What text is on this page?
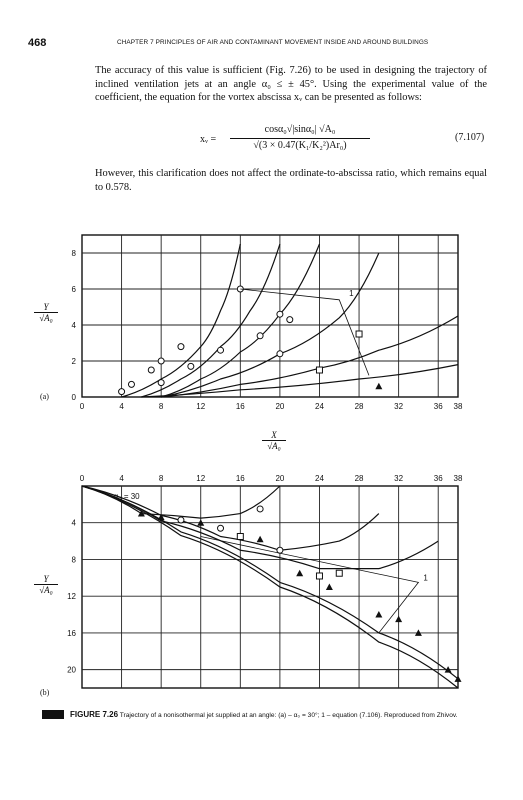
468	CHAPTER 7 PRINCIPLES OF AIR AND CONTAMINANT MOVEMENT INSIDE AND AROUND BUILDINGS
The accuracy of this value is sufficient (Fig. 7.26) to be used in designing the trajectory of inclined ventilation jets at an angle α₀ ≤ ± 45°. Using the experimental value of the coefficient, the equation for the vortex abscissa xᵥ can be presented as follows:
xᵥ =
cosα₀√|sinα₀| √A₀
√(3 × 0.47(K₁/K₂²)Ar₀)
(7.107)
However, this clarification does not affect the ordinate-to-abscissa ratio, which remains equal to 0.578.
0	4	8	12	16	20	24	28	32	36 38
0
2
4
6
8
1
$\frac{Y}{\text{√A₀}}$
(a)
$\frac{X}{\text{√A₀}}$
0	4	8	12	16	20	24	28	32	36 38
4
8
12
16
20
α₀ = 30
1
$\frac{Y}{\text{√A₀}}$
(b)
FIGURE 7.26 Trajectory of a nonisothermal jet supplied at an angle: (a) – α₀ = 30°; 1 – equation (7.106). Reproduced from Zhivov.
